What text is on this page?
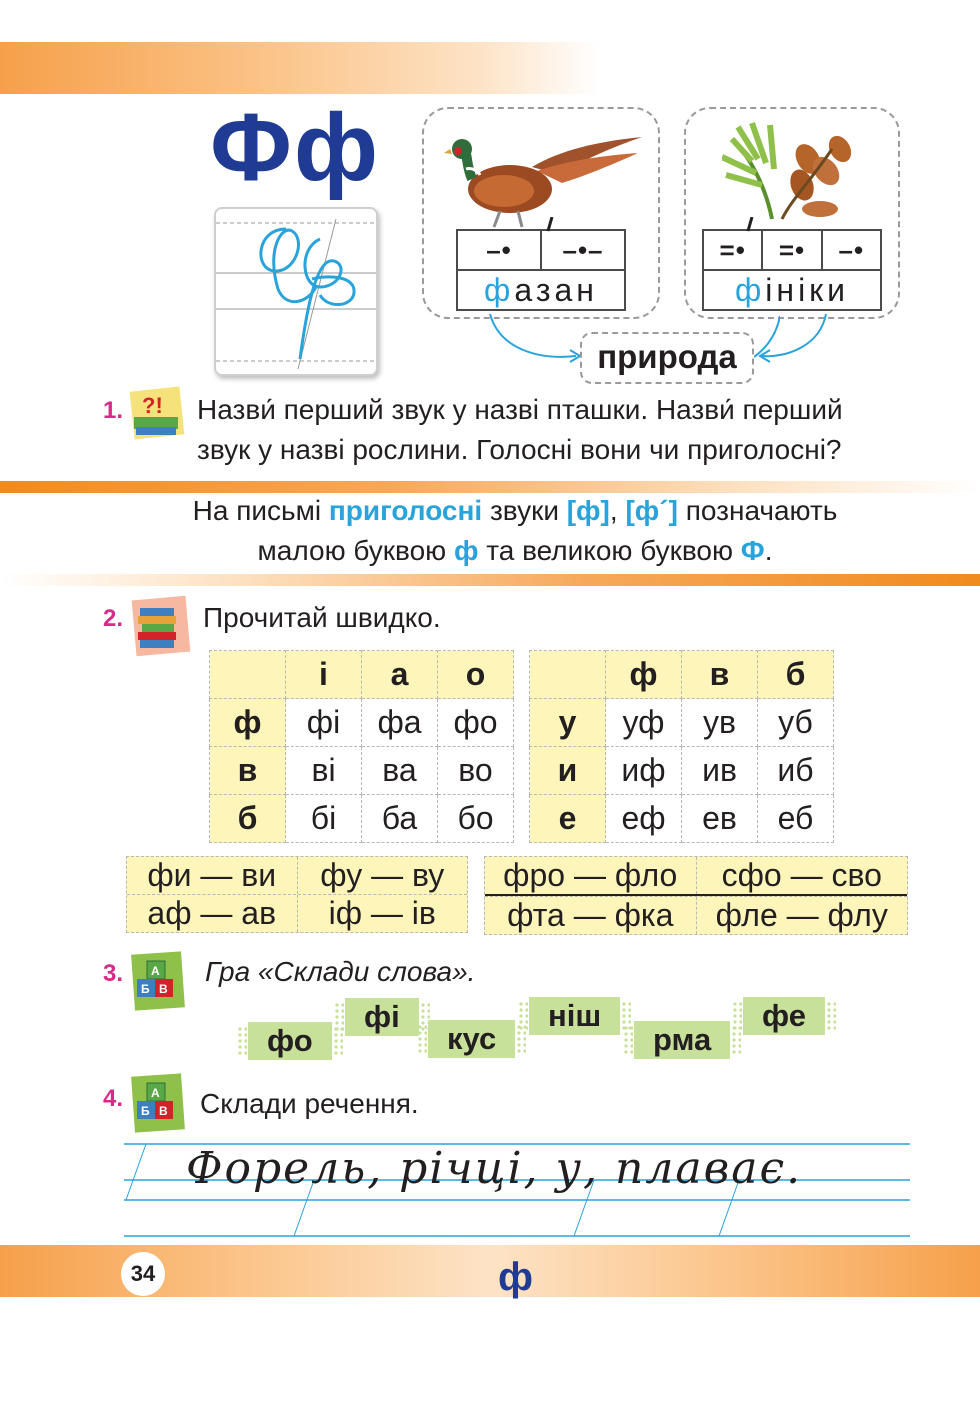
Фф
–•	–•–
ф азан
=•	=•	–•
ф ініки
природа
1. ?! Назви́ перший звук у назві пташки. Назви́ перший
звук у назві рослини. Голосні вони чи приголосні?
На письмі приголосні звуки [ф], [ф´] позначають
малою буквою ф та великою буквою Ф.
2.	Прочитай швидко.
	і	а	о
ф	фі	фа	фо
в	ві	ва	во
б	бі	ба	бо
	ф	в	б
у	уф	ув	уб
и	иф	ив	иб
е	еф	ев	еб
фи — ви	фу — ву
аф — ав	іф — ів
фро — фло	сфо — сво
фта — фка	фле — флу
3. А
Б В
Гра «Склади слова».
фо
фі
кус
ніш
рма
фе
4. А
Б В Склади речення.
Форель, річці, у, плаває.
34	ф
